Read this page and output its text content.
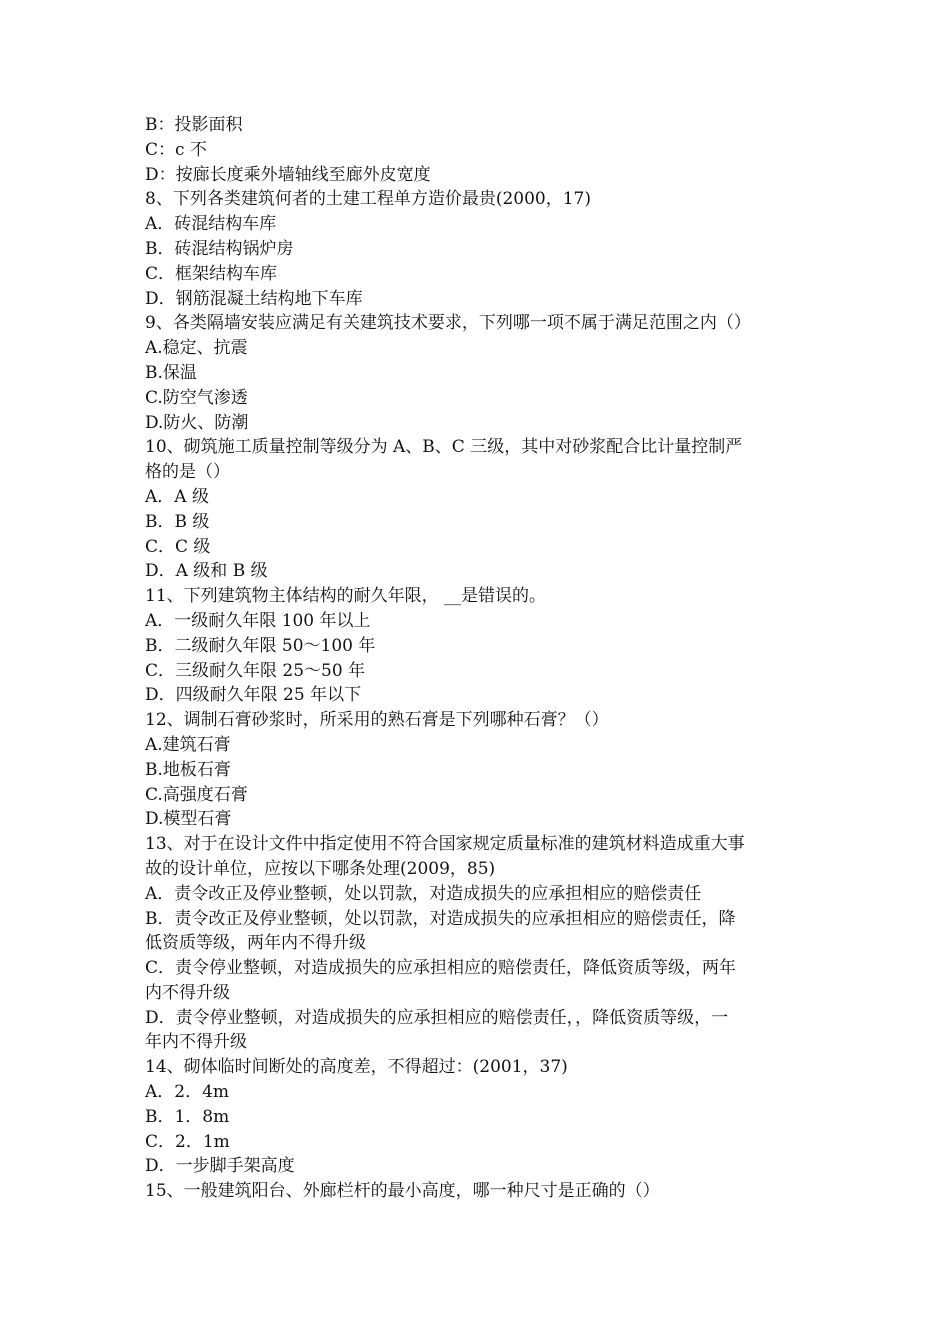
B：投影面积
C：c 不
D：按廊长度乘外墙轴线至廊外皮宽度
8、下列各类建筑何者的土建工程单方造价最贵(2000，17)
A．砖混结构车库
B．砖混结构锅炉房
C．框架结构车库
D．钢筋混凝土结构地下车库
9、各类隔墙安装应满足有关建筑技术要求，下列哪一项不属于满足范围之内（）
A.稳定、抗震
B.保温
C.防空气渗透
D.防火、防潮
10、砌筑施工质量控制等级分为 A、B、C 三级，其中对砂浆配合比计量控制严
格的是（）
A．A 级
B．B 级
C．C 级
D．A 级和 B 级
11、下列建筑物主体结构的耐久年限， __是错误的。
A．一级耐久年限 100 年以上
B．二级耐久年限 50～100 年
C．三级耐久年限 25～50 年
D．四级耐久年限 25 年以下
12、调制石膏砂浆时，所采用的熟石膏是下列哪种石膏？（）
A.建筑石膏
B.地板石膏
C.高强度石膏
D.模型石膏
13、对于在设计文件中指定使用不符合国家规定质量标准的建筑材料造成重大事
故的设计单位，应按以下哪条处理(2009，85)
A．责令改正及停业整顿，处以罚款，对造成损失的应承担相应的赔偿责任
B．责令改正及停业整顿，处以罚款，对造成损失的应承担相应的赔偿责任，降
低资质等级，两年内不得升级
C．责令停业整顿，对造成损失的应承担相应的赔偿责任，降低资质等级，两年
内不得升级
D．责令停业整顿，对造成损失的应承担相应的赔偿责任，，降低资质等级，一
年内不得升级
14、砌体临时间断处的高度差，不得超过：(2001，37)
A．2．4m
B．1．8m
C．2．1m
D．一步脚手架高度
15、一般建筑阳台、外廊栏杆的最小高度，哪一种尺寸是正确的（）
